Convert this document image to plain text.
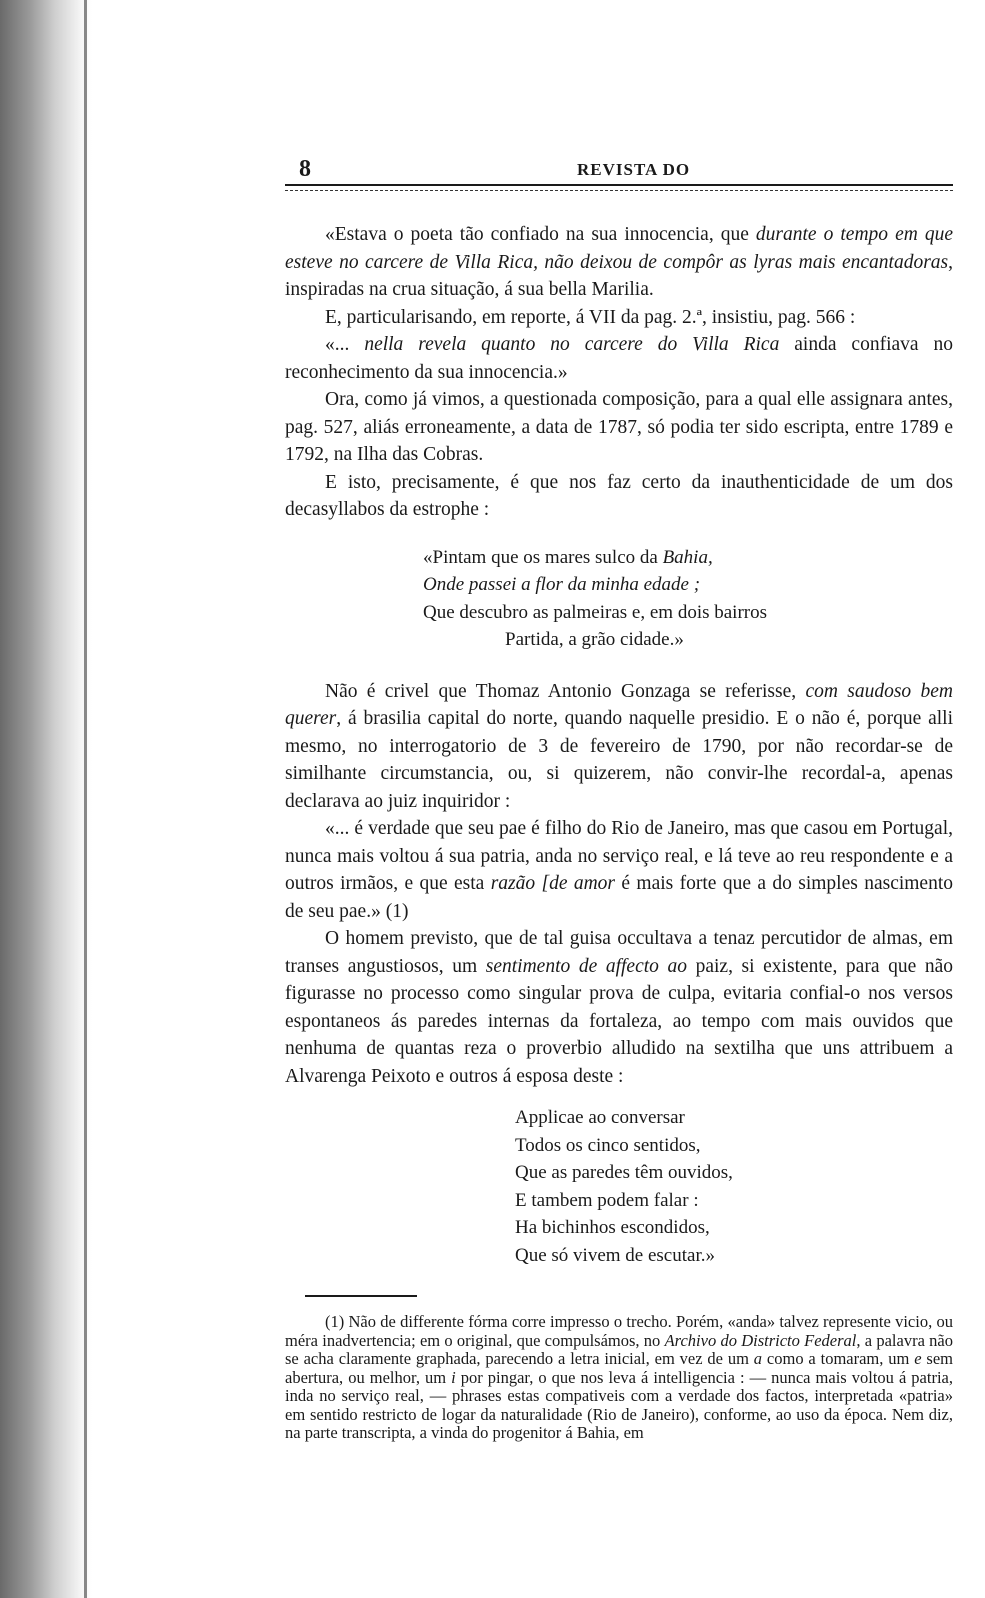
8	REVISTA DO

«Estava o poeta tão confiado na sua innocencia, que durante o tempo em que esteve no carcere de Villa Rica, não deixou de compôr as lyras mais encantadoras, inspiradas na crua situação, á sua bella Marilia.

E, particularisando, em reporte, á VII da pag. 2.ª, insistiu, pag. 566 :

«... nella revela quanto no carcere do Villa Rica ainda confiava no reconhecimento da sua innocencia.»

Ora, como já vimos, a questionada composição, para a qual elle assignara antes, pag. 527, aliás erroneamente, a data de 1787, só podia ter sido escripta, entre 1789 e 1792, na Ilha das Cobras.

E isto, precisamente, é que nos faz certo da inauthenticidade de um dos decasyllabos da estrophe :

«Pintam que os mares sulco da Bahia,
Onde passei a flor da minha edade ;
Que descubro as palmeiras e, em dois bairros
Partida, a grão cidade.»

Não é crivel que Thomaz Antonio Gonzaga se referisse, com saudoso bem querer, á brasilia capital do norte, quando naquelle presidio. E o não é, porque alli mesmo, no interrogatorio de 3 de fevereiro de 1790, por não recordar-se de similhante circumstancia, ou, si quizerem, não convir-lhe recordal-a, apenas declarava ao juiz inquiridor :

«... é verdade que seu pae é filho do Rio de Janeiro, mas que casou em Portugal, nunca mais voltou á sua patria, anda no serviço real, e lá teve ao reu respondente e a outros irmãos, e que esta razão [de amor é mais forte que a do simples nascimento de seu pae.» (1)

O homem previsto, que de tal guisa occultava a tenaz percutidor de almas, em transes angustiosos, um sentimento de affecto ao paiz, si existente, para que não figurasse no processo como singular prova de culpa, evitaria confial-o nos versos espontaneos ás paredes internas da fortaleza, ao tempo com mais ouvidos que nenhuma de quantas reza o proverbio alludido na sextilha que uns attribuem a Alvarenga Peixoto e outros á esposa deste :

Applicae ao conversar
Todos os cinco sentidos,
Que as paredes têm ouvidos,
E tambem podem falar :
Ha bichinhos escondidos,
Que só vivem de escutar.»

(1) Não de differente fórma corre impresso o trecho. Porém, «anda» talvez represente vicio, ou méra inadvertencia; em o original, que compulsámos, no Archivo do Districto Federal, a palavra não se acha claramente graphada, parecendo a letra inicial, em vez de um a como a tomaram, um e sem abertura, ou melhor, um i por pingar, o que nos leva á intelligencia : — nunca mais voltou á patria, inda no serviço real, — phrases estas compativeis com a verdade dos factos, interpretada «patria» em sentido restricto de logar da naturalidade (Rio de Janeiro), conforme, ao uso da época. Nem diz, na parte transcripta, a vinda do progenitor á Bahia, em
